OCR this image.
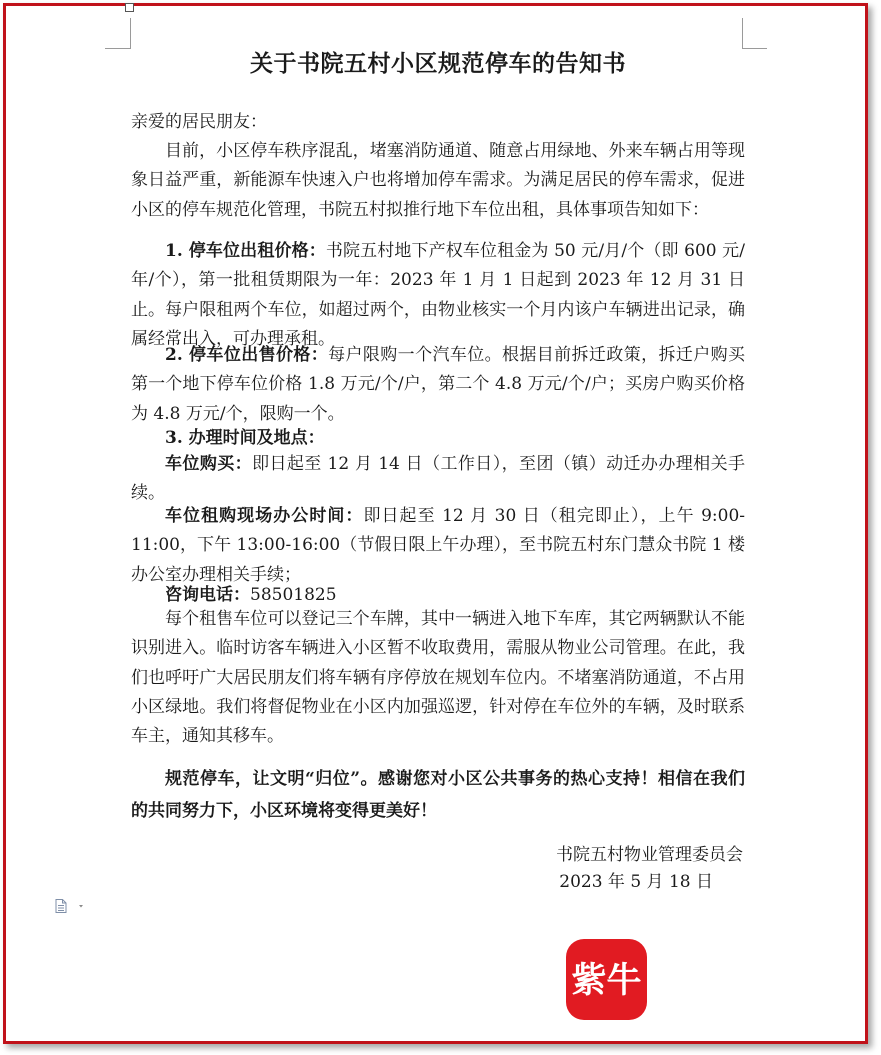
关于书院五村小区规范停车的告知书

亲爱的居民朋友：

目前，小区停车秩序混乱，堵塞消防通道、随意占用绿地、外来车辆占用等现象日益严重，新能源车快速入户也将增加停车需求。为满足居民的停车需求，促进小区的停车规范化管理，书院五村拟推行地下车位出租，具体事项告知如下：

1. 停车位出租价格：书院五村地下产权车位租金为 50 元/月/个（即 600 元/年/个），第一批租赁期限为一年：2023 年 1 月 1 日起到 2023 年 12 月 31 日止。每户限租两个车位，如超过两个，由物业核实一个月内该户车辆进出记录，确属经常出入，可办理承租。

2. 停车位出售价格：每户限购一个汽车位。根据目前拆迁政策，拆迁户购买第一个地下停车位价格 1.8 万元/个/户，第二个 4.8 万元/个/户；买房户购买价格为 4.8 万元/个，限购一个。

3. 办理时间及地点：

车位购买：即日起至 12 月 14 日（工作日），至团（镇）动迁办办理相关手续。

车位租购现场办公时间：即日起至 12 月 30 日（租完即止），上午 9:00-11:00，下午 13:00-16:00（节假日限上午办理），至书院五村东门慧众书院 1 楼办公室办理相关手续；

咨询电话：58501825

每个租售车位可以登记三个车牌，其中一辆进入地下车库，其它两辆默认不能识别进入。临时访客车辆进入小区暂不收取费用，需服从物业公司管理。在此，我们也呼吁广大居民朋友们将车辆有序停放在规划车位内。不堵塞消防通道，不占用小区绿地。我们将督促物业在小区内加强巡逻，针对停在车位外的车辆，及时联系车主，通知其移车。

规范停车，让文明“归位”。感谢您对小区公共事务的热心支持！相信在我们的共同努力下，小区环境将变得更美好！

书院五村物业管理委员会
2023 年 5 月 18 日
紫牛
